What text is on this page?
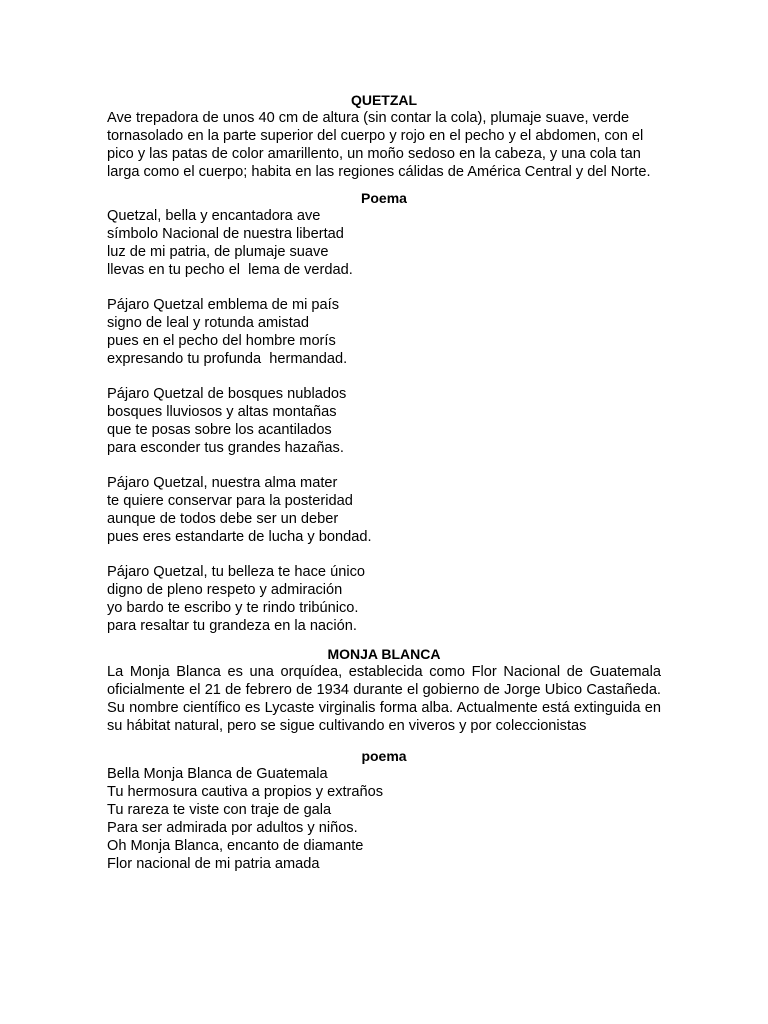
QUETZAL

Ave trepadora de unos 40 cm de altura (sin contar la cola), plumaje suave, verde tornasolado en la parte superior del cuerpo y rojo en el pecho y el abdomen, con el pico y las patas de color amarillento, un moño sedoso en la cabeza, y una cola tan larga como el cuerpo; habita en las regiones cálidas de América Central y del Norte.

Poema
Quetzal, bella y encantadora ave
símbolo Nacional de nuestra libertad
luz de mi patria, de plumaje suave
llevas en tu pecho el  lema de verdad.
Pájaro Quetzal emblema de mi país
signo de leal y rotunda amistad
pues en el pecho del hombre morís
expresando tu profunda  hermandad.
Pájaro Quetzal de bosques nublados
bosques lluviosos y altas montañas
que te posas sobre los acantilados
para esconder tus grandes hazañas.
Pájaro Quetzal, nuestra alma mater
te quiere conservar para la posteridad
aunque de todos debe ser un deber
pues eres estandarte de lucha y bondad.
Pájaro Quetzal, tu belleza te hace único
digno de pleno respeto y admiración
yo bardo te escribo y te rindo tribúnico.
para resaltar tu grandeza en la nación.
MONJA BLANCA

La Monja Blanca es una orquídea, establecida como Flor Nacional de Guatemala oficialmente el 21 de febrero de 1934 durante el gobierno de Jorge Ubico Castañeda. Su nombre científico es Lycaste virginalis forma alba. Actualmente está extinguida en su hábitat natural, pero se sigue cultivando en viveros y por coleccionistas

poema
Bella Monja Blanca de Guatemala
Tu hermosura cautiva a propios y extraños
Tu rareza te viste con traje de gala
Para ser admirada por adultos y niños.
Oh Monja Blanca, encanto de diamante
Flor nacional de mi patria amada
